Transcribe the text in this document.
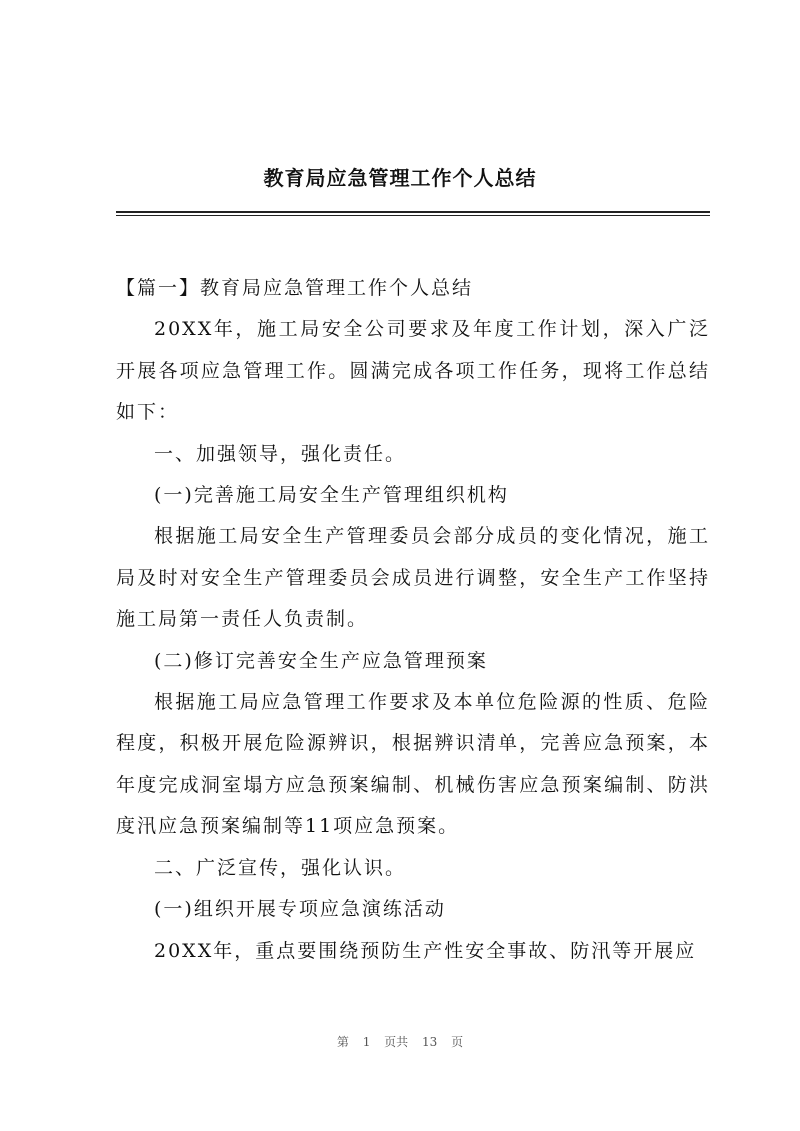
教育局应急管理工作个人总结

【篇一】教育局应急管理工作个人总结

20XX年，施工局安全公司要求及年度工作计划，深入广泛开展各项应急管理工作。圆满完成各项工作任务，现将工作总结如下：

一、加强领导，强化责任。

(一)完善施工局安全生产管理组织机构

根据施工局安全生产管理委员会部分成员的变化情况，施工局及时对安全生产管理委员会成员进行调整，安全生产工作坚持施工局第一责任人负责制。

(二)修订完善安全生产应急管理预案

根据施工局应急管理工作要求及本单位危险源的性质、危险程度，积极开展危险源辨识，根据辨识清单，完善应急预案，本年度完成洞室塌方应急预案编制、机械伤害应急预案编制、防洪度汛应急预案编制等11项应急预案。

二、广泛宣传，强化认识。

(一)组织开展专项应急演练活动

20XX年，重点要围绕预防生产性安全事故、防汛等开展应

第 1 页共 13 页
